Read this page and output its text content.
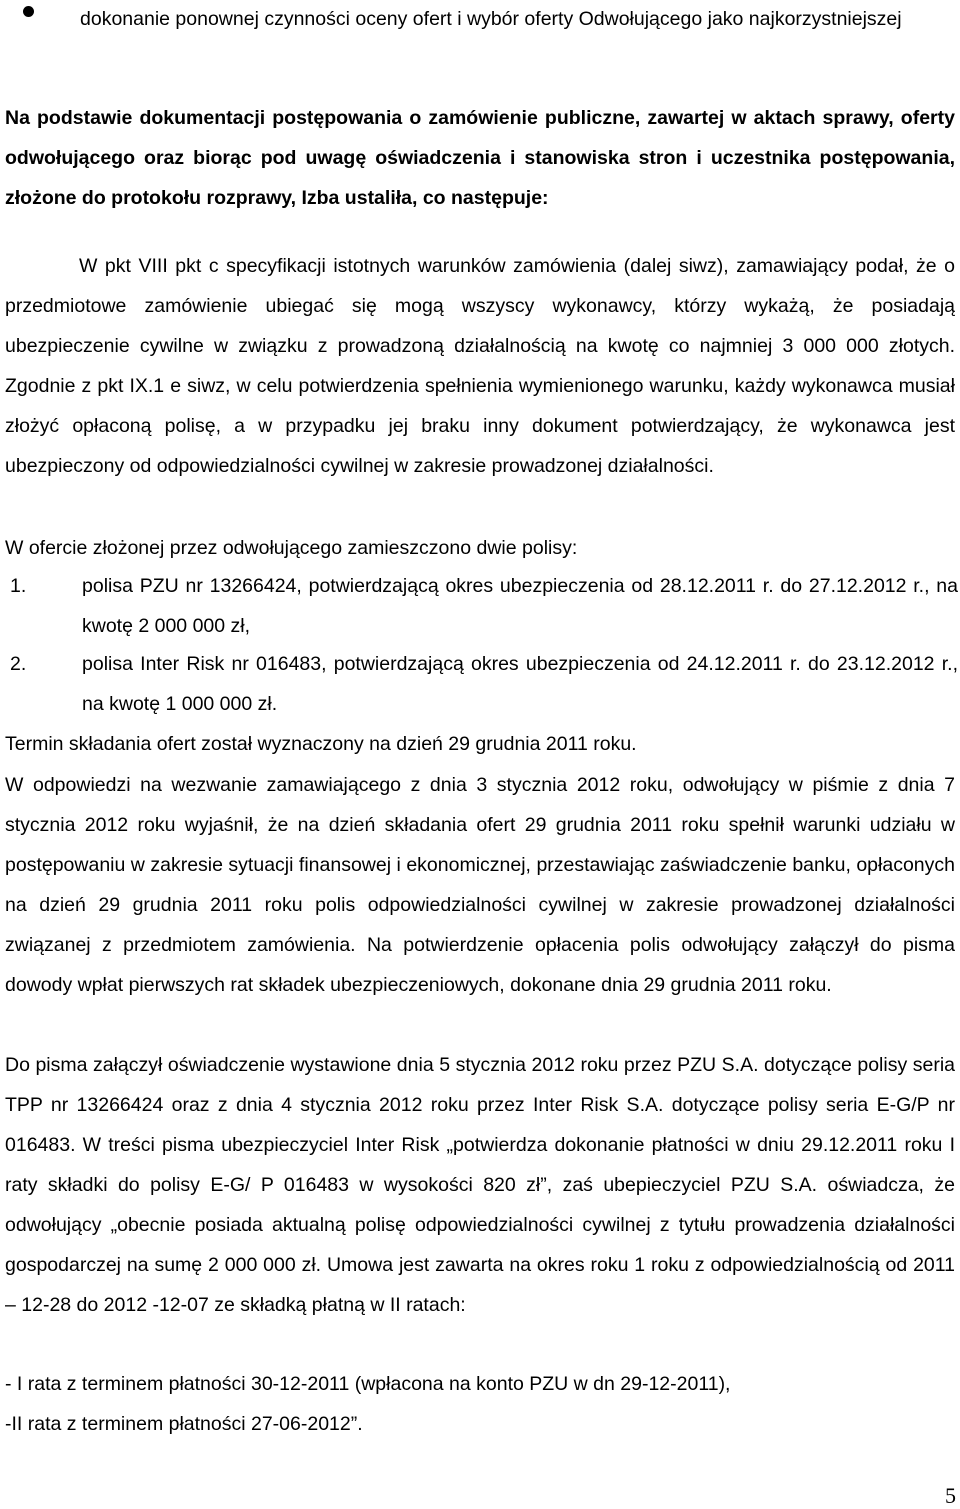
dokonanie ponownej czynności oceny ofert i wybór oferty Odwołującego jako najkorzystniejszej
Na podstawie dokumentacji postępowania o zamówienie publiczne, zawartej w aktach sprawy, oferty odwołującego oraz biorąc pod uwagę oświadczenia i stanowiska stron i uczestnika postępowania, złożone do protokołu rozprawy, Izba ustaliła, co następuje:
W pkt VIII pkt c specyfikacji istotnych warunków zamówienia (dalej siwz), zamawiający podał, że o przedmiotowe zamówienie ubiegać się mogą wszyscy wykonawcy, którzy wykażą, że posiadają ubezpieczenie cywilne w związku z prowadzoną działalnością na kwotę co najmniej 3 000 000 złotych. Zgodnie z pkt IX.1 e siwz, w celu potwierdzenia spełnienia wymienionego warunku, każdy wykonawca musiał złożyć opłaconą polisę, a w przypadku jej braku inny dokument potwierdzający, że wykonawca jest ubezpieczony od odpowiedzialności cywilnej w zakresie prowadzonej działalności.
W ofercie złożonej przez odwołującego zamieszczono dwie polisy:
1.	polisa PZU nr 13266424, potwierdzającą okres ubezpieczenia od 28.12.2011 r. do 27.12.2012 r., na kwotę 2 000 000 zł,
2.	polisa Inter Risk nr 016483, potwierdzającą okres ubezpieczenia od 24.12.2011 r. do 23.12.2012 r., na kwotę 1 000 000 zł.
Termin składania ofert został wyznaczony na dzień 29 grudnia 2011 roku.
W odpowiedzi na wezwanie zamawiającego z dnia 3 stycznia 2012 roku, odwołujący w piśmie z dnia 7 stycznia 2012 roku wyjaśnił, że na dzień składania ofert 29 grudnia 2011 roku spełnił warunki udziału w postępowaniu w zakresie sytuacji finansowej i ekonomicznej, przestawiając zaświadczenie banku, opłaconych na dzień 29 grudnia 2011 roku polis odpowiedzialności cywilnej w zakresie prowadzonej działalności związanej z przedmiotem zamówienia. Na potwierdzenie opłacenia polis odwołujący załączył do pisma dowody wpłat pierwszych rat składek ubezpieczeniowych, dokonane dnia 29 grudnia 2011 roku.
Do pisma załączył oświadczenie wystawione dnia 5 stycznia 2012 roku przez PZU S.A. dotyczące polisy seria TPP nr 13266424 oraz z dnia 4 stycznia 2012 roku przez Inter Risk S.A. dotyczące polisy seria E-G/P nr 016483. W treści pisma ubezpieczyciel Inter Risk „potwierdza dokonanie płatności w dniu 29.12.2011 roku I raty składki do polisy E-G/ P 016483 w wysokości 820 zł”, zaś ubepieczyciel PZU S.A. oświadcza, że odwołujący „obecnie posiada aktualną polisę odpowiedzialności cywilnej z tytułu prowadzenia działalności gospodarczej na sumę 2 000 000 zł. Umowa jest zawarta na okres roku 1 roku z odpowiedzialnością od 2011 – 12-28 do 2012 -12-07 ze składką płatną w II ratach:
- I rata z terminem płatności 30-12-2011 (wpłacona na konto PZU w dn 29-12-2011),
-II rata z terminem płatności 27-06-2012”.
5
